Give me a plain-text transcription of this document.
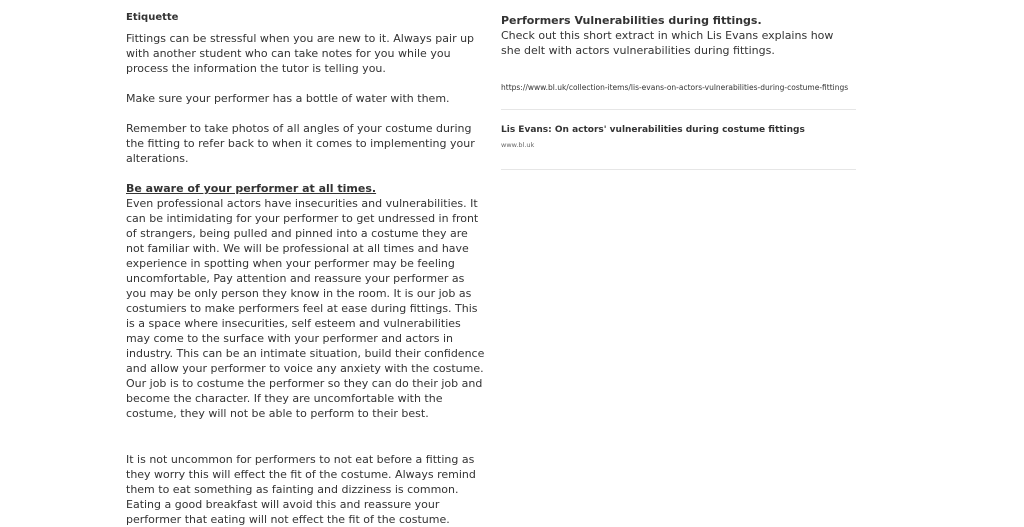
Etiquette

Fittings can be stressful when you are new to it. Always pair up with another student who can take notes for you while you process the information the tutor is telling you.

Make sure your performer has a bottle of water with them.

Remember to take photos of all angles of your costume during the fitting to refer back to when it comes to implementing your alterations.

Be aware of your performer at all times.

Even professional actors have insecurities and vulnerabilities. It can be intimidating for your performer to get undressed in front of strangers, being pulled and pinned into a costume they are not familiar with. We will be professional at all times and have experience in spotting when your performer may be feeling uncomfortable, Pay attention and reassure your performer as you may be only person they know in the room. It is our job as costumiers to make performers feel at ease during fittings. This is a space where insecurities, self esteem and vulnerabilities may come to the surface with your performer and actors in industry. This can be an intimate situation, build their confidence and allow your performer to voice any anxiety with the costume. Our job is to costume the performer so they can do their job and become the character. If they are uncomfortable with the costume, they will not be able to perform to their best.

It is not uncommon for performers to not eat before a fitting as they worry this will effect the fit of the costume. Always remind them to eat something as fainting and dizziness is common. Eating a good breakfast will avoid this and reassure your performer that eating will not effect the fit of the costume.

Performers Vulnerabilities during fittings.

Check out this short extract in which Lis Evans explains how she delt with actors vulnerabilities during fittings.

https://www.bl.uk/collection-items/lis-evans-on-actors-vulnerabilities-during-costume-fittings

Lis Evans: On actors' vulnerabilities during costume fittings

www.bl.uk
